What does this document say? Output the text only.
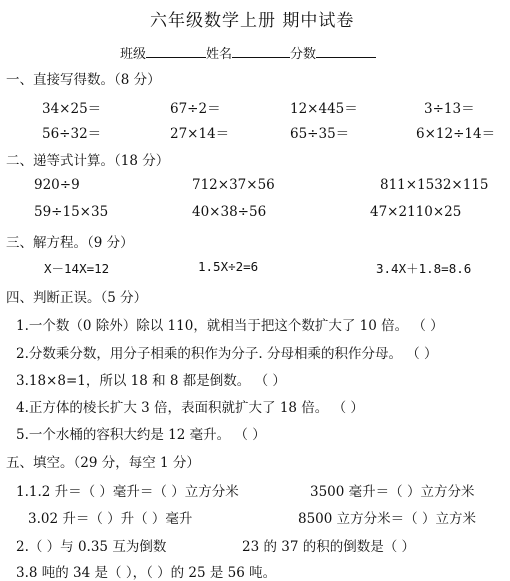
六年级数学上册 期中试卷
班级	姓名	分数
一、直接写得数。（8 分）
34×25＝	67÷2＝	12×445＝	3÷13＝
56÷32＝	27×14＝	65÷35＝	6×12÷14＝
二、递等式计算。（18 分）
920÷9	712×37×56	811×1532×115
59÷15×35	40×38÷56	47×2110×25
三、解方程。（9 分）
X－14X=12	1.5X÷2=6	3.4X＋1.8=8.6
四、判断正误。（5 分）
1.一个数（0 除外）除以 110，就相当于把这个数扩大了 10 倍。 （ ）
2.分数乘分数，用分子相乘的积作为分子. 分母相乘的积作分母。 （ ）
3.18×8=1，所以 18 和 8 都是倒数。 （ ）
4.正方体的棱长扩大 3 倍，表面积就扩大了 18 倍。 （ ）
5.一个水桶的容积大约是 12 毫升。 （ ）
五、填空。（29 分，每空 1 分）
1.1.2 升＝（ ）毫升＝（ ）立方分米	3500 毫升＝（ ）立方分米
3.02 升＝（ ）升（ ）毫升	8500 立方分米＝（ ）立方米
2.（ ）与 0.35 互为倒数	23 的 37 的积的倒数是（ ）
3.8 吨的 34 是（ ），（ ）的 25 是 56 吨。
